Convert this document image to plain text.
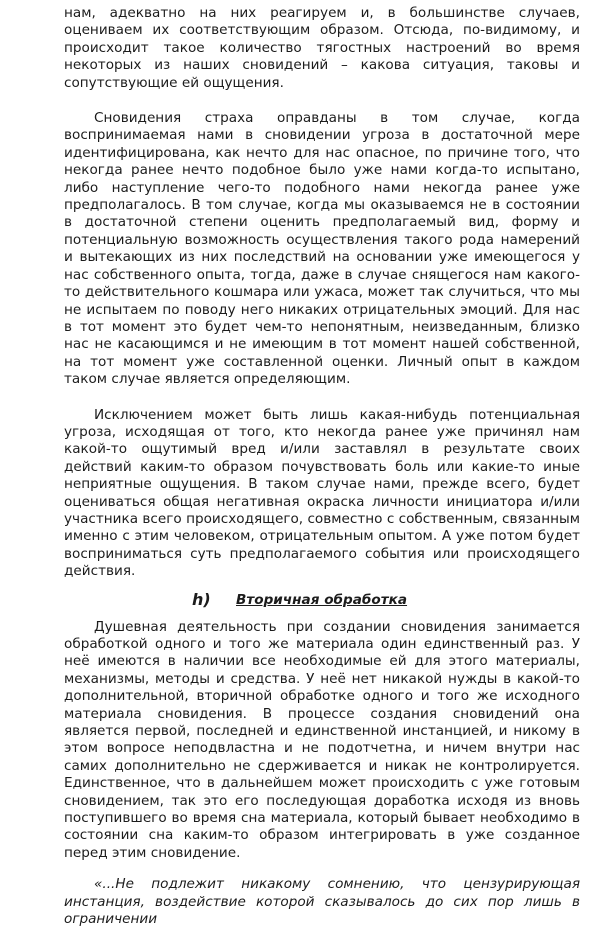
нам, адекватно на них реагируем и, в большинстве случаев, оцениваем их соответствующим образом. Отсюда, по-видимому, и происходит такое количество тягостных настроений во время некоторых из наших сновидений – какова ситуация, таковы и сопутствующие ей ощущения.

Сновидения страха оправданы в том случае, когда воспринимаемая нами в сновидении угроза в достаточной мере идентифицирована, как нечто для нас опасное, по причине того, что некогда ранее нечто подобное было уже нами когда-то испытано, либо наступление чего-то подобного нами некогда ранее уже предполагалось. В том случае, когда мы оказываемся не в состоянии в достаточной степени оценить предполагаемый вид, форму и потенциальную возможность осуществления такого рода намерений и вытекающих из них последствий на основании уже имеющегося у нас собственного опыта, тогда, даже в случае снящегося нам какого-то действительного кошмара или ужаса, может так случиться, что мы не испытаем по поводу него никаких отрицательных эмоций. Для нас в тот момент это будет чем-то непонятным, неизведанным, близко нас не касающимся и не имеющим в тот момент нашей собственной, на тот момент уже составленной оценки. Личный опыт в каждом таком случае является определяющим.

Исключением может быть лишь какая-нибудь потенциальная угроза, исходящая от того, кто некогда ранее уже причинял нам какой-то ощутимый вред и/или заставлял в результате своих действий каким-то образом почувствовать боль или какие-то иные неприятные ощущения. В таком случае нами, прежде всего, будет оцениваться общая негативная окраска личности инициатора и/или участника всего происходящего, совместно с собственным, связанным именно с этим человеком, отрицательным опытом. А уже потом будет восприниматься суть предполагаемого события или происходящего действия.

h) Вторичная обработка

Душевная деятельность при создании сновидения занимается обработкой одного и того же материала один единственный раз. У неё имеются в наличии все необходимые ей для этого материалы, механизмы, методы и средства. У неё нет никакой нужды в какой-то дополнительной, вторичной обработке одного и того же исходного материала сновидения. В процессе создания сновидений она является первой, последней и единственной инстанцией, и никому в этом вопросе неподвластна и не подотчетна, и ничем внутри нас самих дополнительно не сдерживается и никак не контролируется. Единственное, что в дальнейшем может происходить с уже готовым сновидением, так это его последующая доработка исходя из вновь поступившего во время сна материала, который бывает необходимо в состоянии сна каким-то образом интегрировать в уже созданное перед этим сновидение.

«...Не подлежит никакому сомнению, что цензурирующая инстанция, воздействие которой сказывалось до сих пор лишь в ограничении
